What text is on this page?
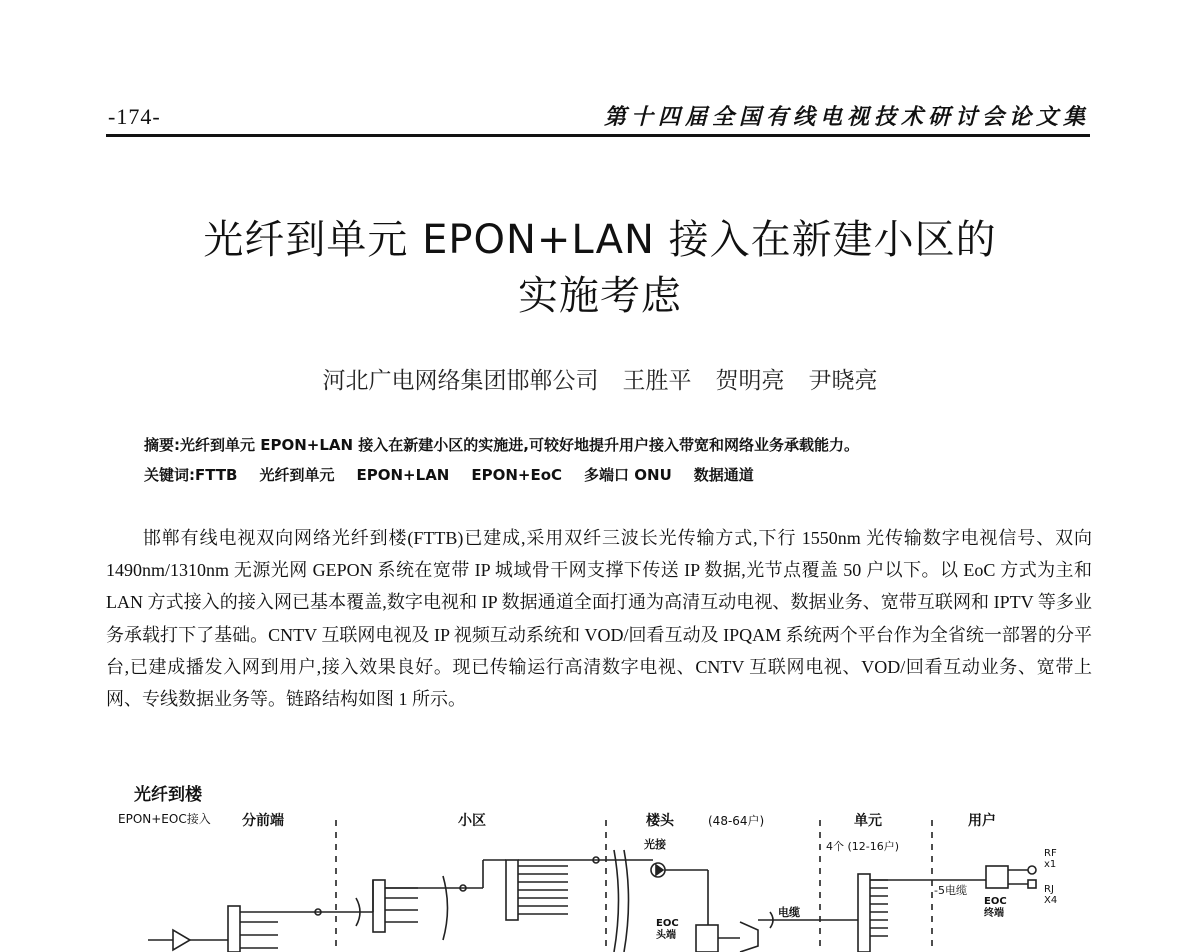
-174-	第十四届全国有线电视技术研讨会论文集
光纤到单元 EPON+LAN 接入在新建小区的
实施考虑
河北广电网络集团邯郸公司 王胜平 贺明亮 尹晓亮
摘要:光纤到单元 EPON+LAN 接入在新建小区的实施进,可较好地提升用户接入带宽和网络业务承载能力。
关键词:FTTB 光纤到单元 EPON+LAN EPON+EoC 多端口 ONU 数据通道

邯郸有线电视双向网络光纤到楼(FTTB)已建成,采用双纤三波长光传输方式,下行 1550nm 光传输数字电视信号、双向 1490nm/1310nm 无源光网 GEPON 系统在宽带 IP 城域骨干网支撑下传送 IP 数据,光节点覆盖 50 户以下。以 EoC 方式为主和 LAN 方式接入的接入网已基本覆盖,数字电视和 IP 数据通道全面打通为高清互动电视、数据业务、宽带互联网和 IPTV 等多业务承载打下了基础。CNTV 互联网电视及 IP 视频互动系统和 VOD/回看互动及 IPQAM 系统两个平台作为全省统一部署的分平台,已建成播发入网到用户,接入效果良好。现已传输运行高清数字电视、CNTV 互联网电视、VOD/回看互动业务、宽带上网、专线数据业务等。链路结构如图 1 所示。

光纤到楼
EPON+EOC接入 分前端	小区	楼头	(48-64户)	单元
4个 (12-16户)
用户
光接
EOC 头端
电缆
-5电缆
EOC 终端
RF x1
RJ X4
